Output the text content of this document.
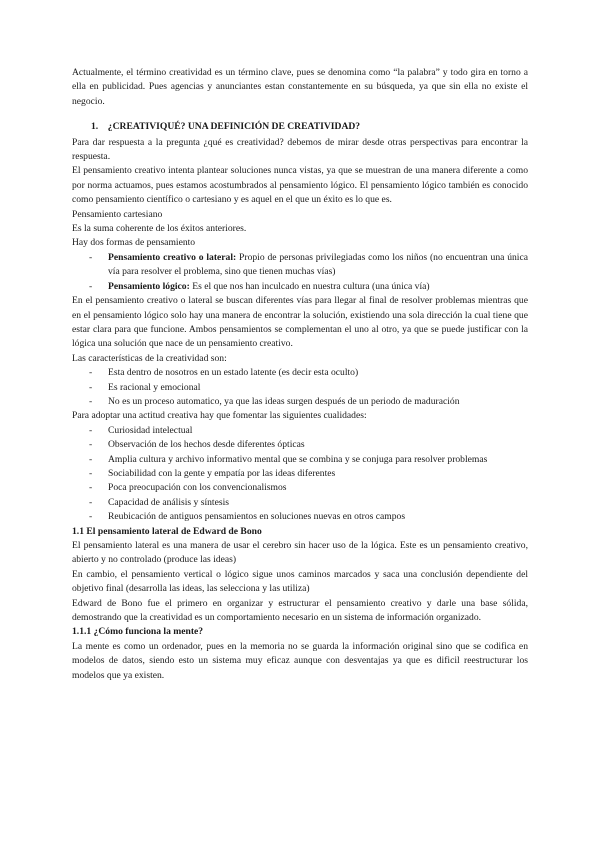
Actualmente, el término creatividad es un término clave, pues se denomina como “la palabra” y todo gira en torno a ella en publicidad. Pues agencias y anunciantes estan constantemente en su búsqueda, ya que sin ella no existe el negocio.

1. ¿CREATIVIQUÉ? UNA DEFINICIÓN DE CREATIVIDAD?

Para dar respuesta a la pregunta ¿qué es creatividad? debemos de mirar desde otras perspectivas para encontrar la respuesta.

El pensamiento creativo intenta plantear soluciones nunca vistas, ya que se muestran de una manera diferente a como por norma actuamos, pues estamos acostumbrados al pensamiento lógico. El pensamiento lógico también es conocido como pensamiento científico o cartesiano y es aquel en el que un éxito es lo que es.

Pensamiento cartesiano

Es la suma coherente de los éxitos anteriores.

Hay dos formas de pensamiento

- Pensamiento creativo o lateral: Propio de personas privilegiadas como los niños (no encuentran una única vía para resolver el problema, sino que tienen muchas vías)
- Pensamiento lógico: Es el que nos han inculcado en nuestra cultura (una única vía)

En el pensamiento creativo o lateral se buscan diferentes vías para llegar al final de resolver problemas mientras que en el pensamiento lógico solo hay una manera de encontrar la solución, existiendo una sola dirección la cual tiene que estar clara para que funcione. Ambos pensamientos se complementan el uno al otro, ya que se puede justificar con la lógica una solución que nace de un pensamiento creativo.

Las características de la creatividad son:

- Esta dentro de nosotros en un estado latente (es decir esta oculto)
- Es racional y emocional
- No es un proceso automatico, ya que las ideas surgen después de un periodo de maduración

Para adoptar una actitud creativa hay que fomentar las siguientes cualidades:

- Curiosidad intelectual
- Observación de los hechos desde diferentes ópticas
- Amplia cultura y archivo informativo mental que se combina y se conjuga para resolver problemas
- Sociabilidad con la gente y empatía por las ideas diferentes
- Poca preocupación con los convencionalismos
- Capacidad de análisis y síntesis
- Reubicación de antiguos pensamientos en soluciones nuevas en otros campos

1.1 El pensamiento lateral de Edward de Bono

El pensamiento lateral es una manera de usar el cerebro sin hacer uso de la lógica. Este es un pensamiento creativo, abierto y no controlado (produce las ideas)

En cambio, el pensamiento vertical o lógico sigue unos caminos marcados y saca una conclusión dependiente del objetivo final (desarrolla las ideas, las selecciona y las utiliza)

Edward de Bono fue el primero en organizar y estructurar el pensamiento creativo y darle una base sólida, demostrando que la creatividad es un comportamiento necesario en un sistema de información organizado.

1.1.1 ¿Cómo funciona la mente?

La mente es como un ordenador, pues en la memoria no se guarda la información original sino que se codifica en modelos de datos, siendo esto un sistema muy eficaz aunque con desventajas ya que es dificil reestructurar los modelos que ya existen.
